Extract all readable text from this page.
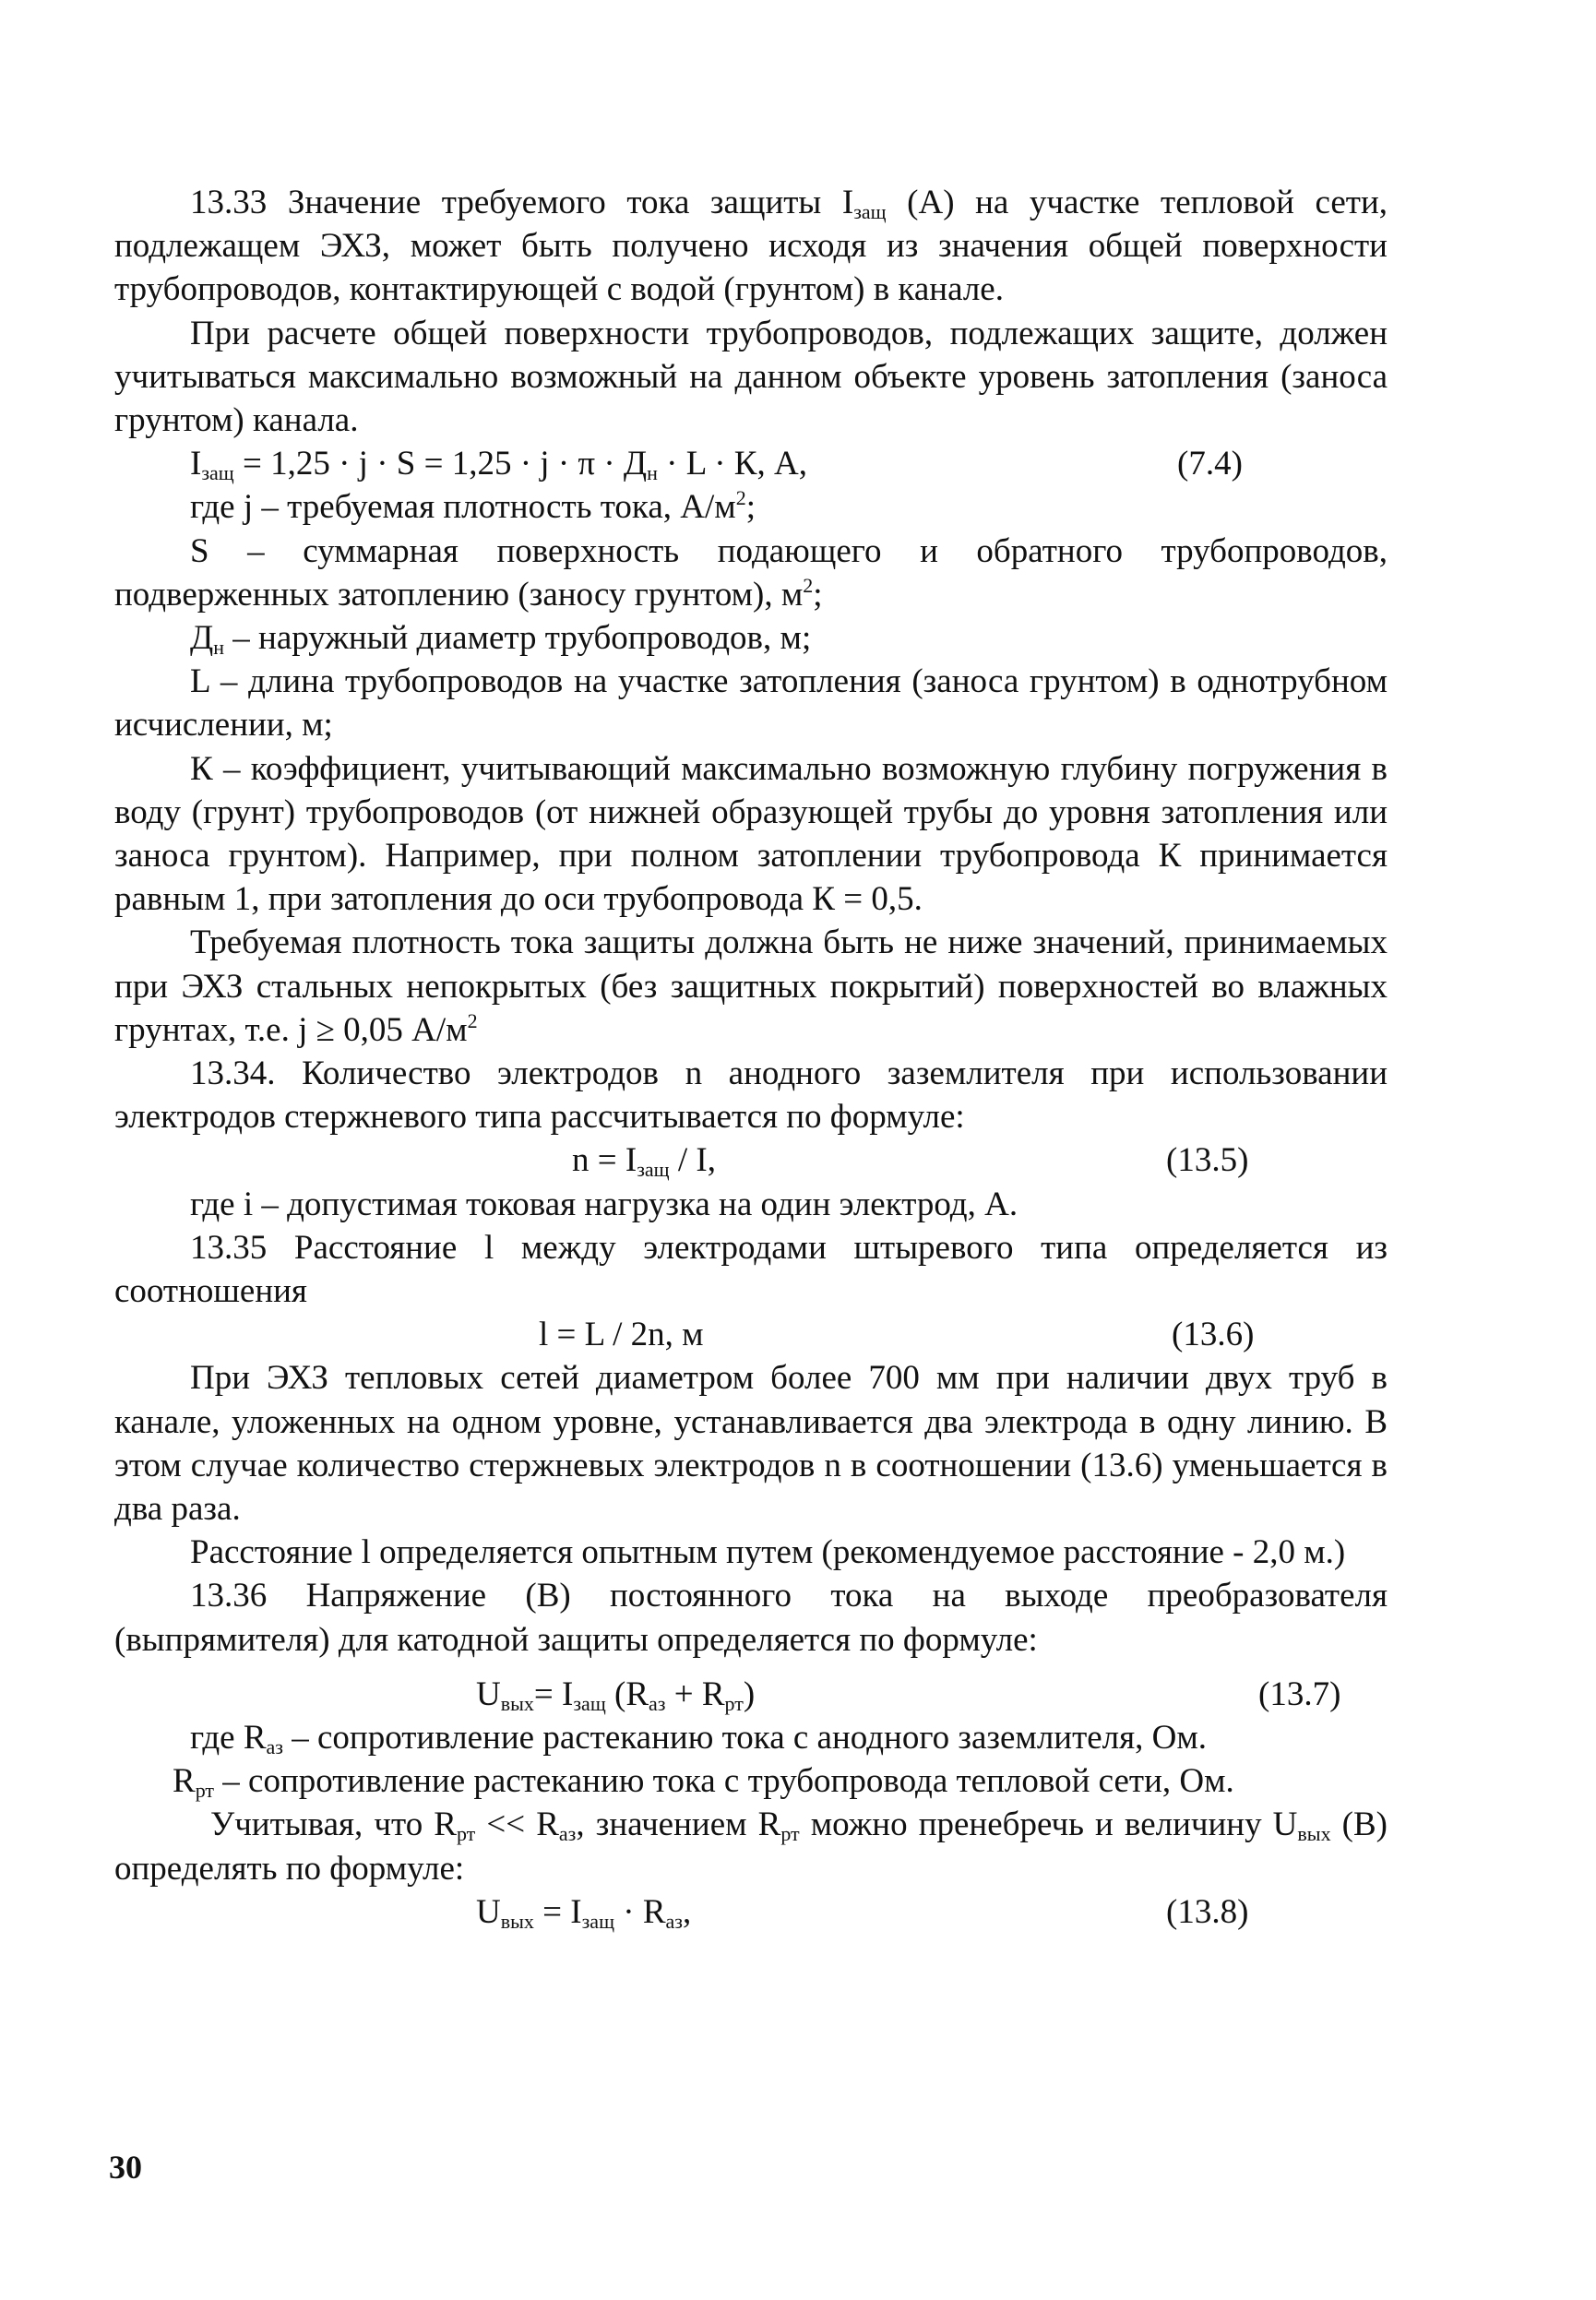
13.33 Значение требуемого тока защиты $I_{защ}$ (А) на участке тепловой сети, подлежащем ЭХЗ, может быть получено исходя из значения общей поверхности трубопроводов, контактирующей с водой (грунтом) в канале.

При расчете общей поверхности трубопроводов, подлежащих защите, должен учитываться максимально возможный на данном объекте уровень затопления (заноса грунтом) канала.

$I_{защ} = 1,25 \cdot j \cdot S = 1,25 \cdot j \cdot \pi \cdot Д_н \cdot L \cdot К$, А,	(7.4)
где j – требуемая плотность тока, $А/м^2$;

S – суммарная поверхность подающего и обратного трубопроводов, подверженных затоплению (заносу грунтом), $м^2$;

$Д_н$ – наружный диаметр трубопроводов, м;

L – длина трубопроводов на участке затопления (заноса грунтом) в однотрубном исчислении, м;

К – коэффициент, учитывающий максимально возможную глубину погружения в воду (грунт) трубопроводов (от нижней образующей трубы до уровня затопления или заноса грунтом). Например, при полном затоплении трубопровода К принимается равным 1, при затопления до оси трубопровода К = 0,5.

Требуемая плотность тока защиты должна быть не ниже значений, принимаемых при ЭХЗ стальных непокрытых (без защитных покрытий) поверхностей во влажных грунтах, т.е. j ≥ 0,05 $А/м^2$

13.34. Количество электродов n анодного заземлителя при использовании электродов стержневого типа рассчитывается по формуле:

$n = I_{защ} / I$,	(13.5)
где i – допустимая токовая нагрузка на один электрод, А.

13.35 Расстояние l между электродами штыревого типа определяется из соотношения

l = L / 2n, м	(13.6)

При ЭХЗ тепловых сетей диаметром более 700 мм при наличии двух труб в канале, уложенных на одном уровне, устанавливается два электрода в одну линию. В этом случае количество стержневых электродов n в соотношении (13.6) уменьшается в два раза.

Расстояние l определяется опытным путем (рекомендуемое расстояние - 2,0 м.)

13.36 Напряжение (В) постоянного тока на выходе преобразователя (выпрямителя) для катодной защиты определяется по формуле:

$U_{вых}= I_{защ}$ $(R_{аз} + R_{рт})$	(13.7)
где $R_{аз}$ – сопротивление растеканию тока с анодного заземлителя, Ом.
$R_{рт}$ – сопротивление растеканию тока с трубопровода тепловой сети, Ом.

Учитывая, что $R_{рт} << R_{аз}$, значением $R_{рт}$ можно пренебречь и величину $U_{вых}$ (В) определять по формуле:

$U_{вых} = I_{защ} \cdot R_{аз}$,	(13.8)
30
